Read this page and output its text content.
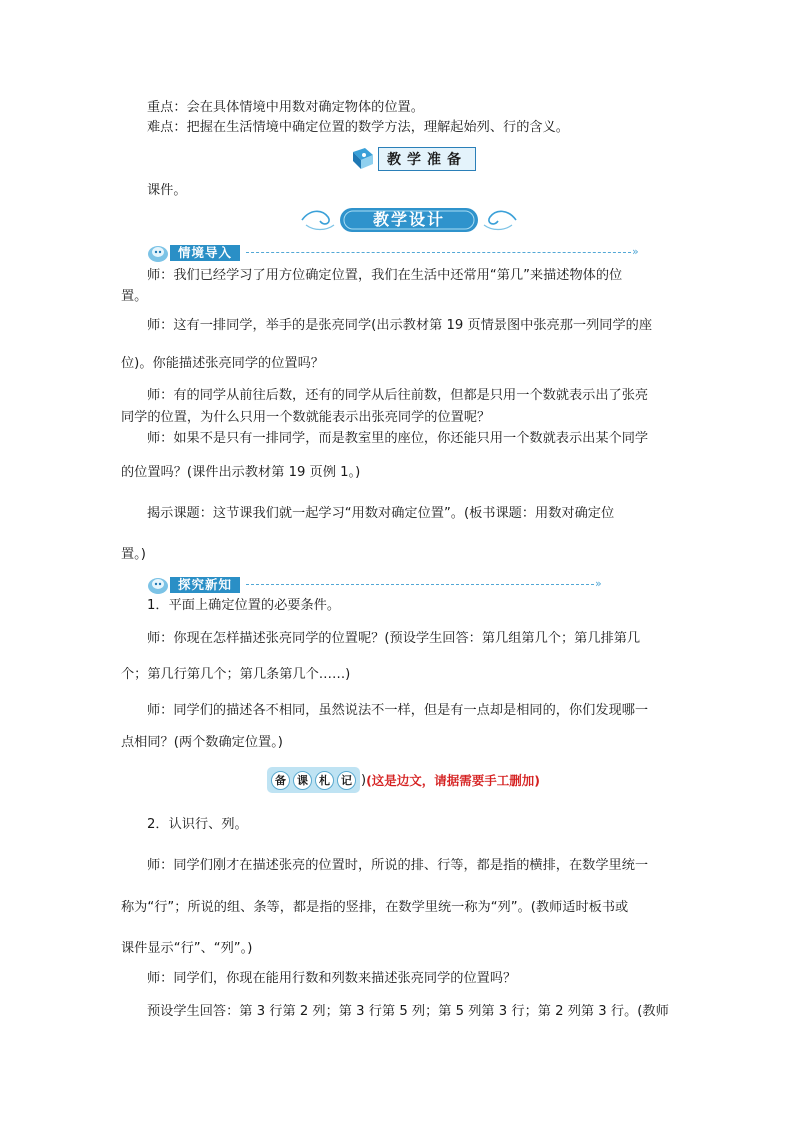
重点：会在具体情境中用数对确定物体的位置。
难点：把握在生活情境中确定位置的数学方法，理解起始列、行的含义。
教学准备
课件。
教学设计
情境导入	»
师：我们已经学习了用方位确定位置，我们在生活中还常用“第几”来描述物体的位
置。
师：这有一排同学，举手的是张亮同学(出示教材第 19 页情景图中张亮那一列同学的座
位)。你能描述张亮同学的位置吗？
师：有的同学从前往后数，还有的同学从后往前数，但都是只用一个数就表示出了张亮
同学的位置，为什么只用一个数就能表示出张亮同学的位置呢？
师：如果不是只有一排同学，而是教室里的座位，你还能只用一个数就表示出某个同学
的位置吗？(课件出示教材第 19 页例 1。)
揭示课题：这节课我们就一起学习“用数对确定位置”。(板书课题：用数对确定位
置。)
探究新知	»
1．平面上确定位置的必要条件。
师：你现在怎样描述张亮同学的位置呢？(预设学生回答：第几组第几个；第几排第几
个；第几行第几个；第几条第几个……)
师：同学们的描述各不相同，虽然说法不一样，但是有一点却是相同的，你们发现哪一
点相同？(两个数确定位置。)
备	课	札	记 ) (这是边文，请据需要手工删加)
2．认识行、列。
师：同学们刚才在描述张亮的位置时，所说的排、行等，都是指的横排，在数学里统一
称为“行”；所说的组、条等，都是指的竖排，在数学里统一称为“列”。(教师适时板书或
课件显示“行”、“列”。)
师：同学们，你现在能用行数和列数来描述张亮同学的位置吗？
预设学生回答：第 3 行第 2 列；第 3 行第 5 列；第 5 列第 3 行；第 2 列第 3 行。(教师
